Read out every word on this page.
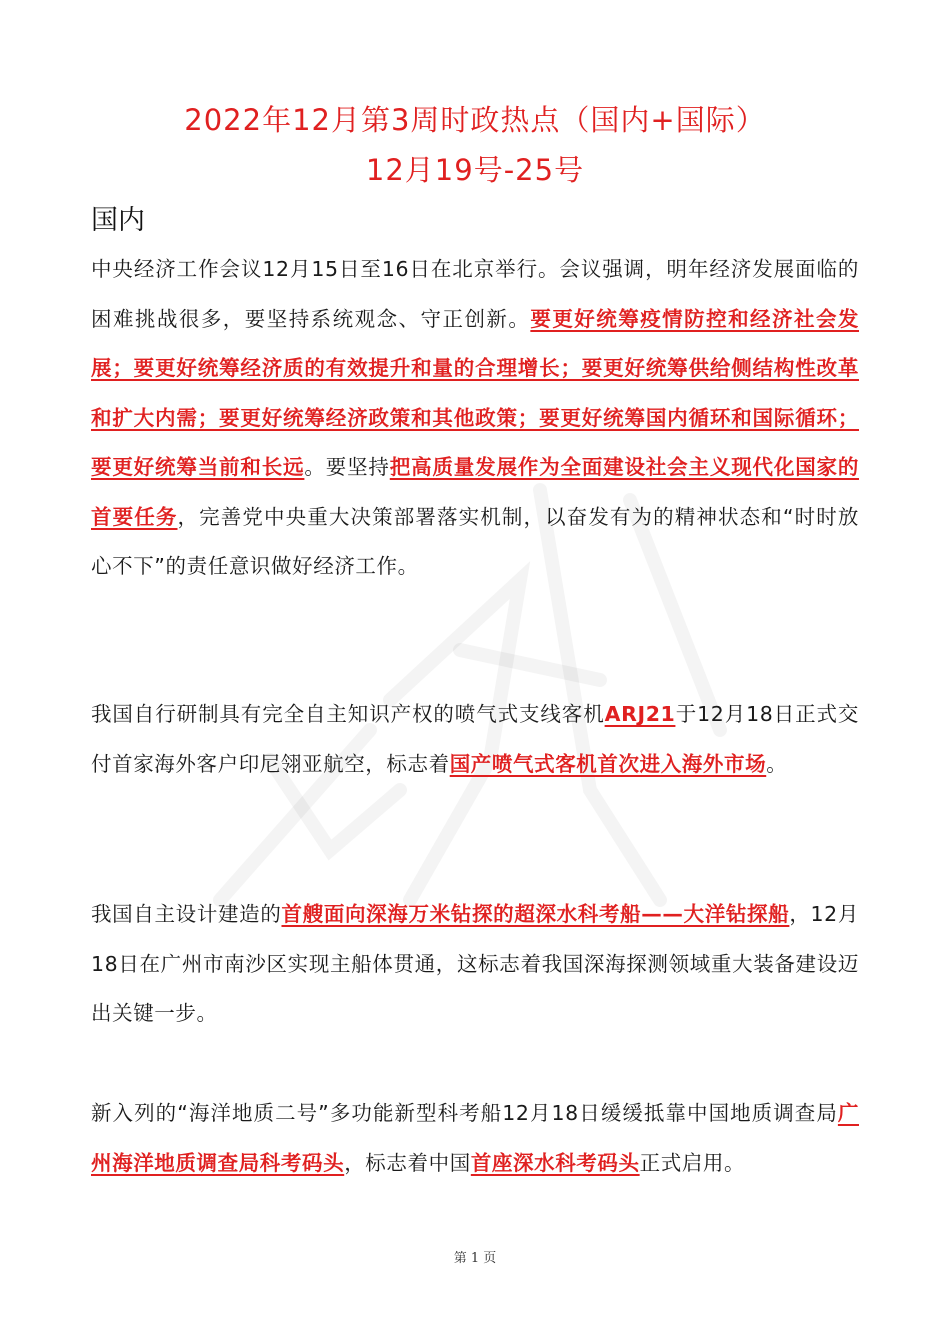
2022年12月第3周时政热点（国内+国际）
12月19号-25号
国内

中央经济工作会议12月15日至16日在北京举行。会议强调，明年经济发展面临的困难挑战很多，要坚持系统观念、守正创新。要更好统筹疫情防控和经济社会发展；要更好统筹经济质的有效提升和量的合理增长；要更好统筹供给侧结构性改革和扩大内需；要更好统筹经济政策和其他政策；要更好统筹国内循环和国际循环；要更好统筹当前和长远。要坚持把高质量发展作为全面建设社会主义现代化国家的首要任务，完善党中央重大决策部署落实机制，以奋发有为的精神状态和“时时放心不下”的责任意识做好经济工作。

我国自行研制具有完全自主知识产权的喷气式支线客机ARJ21于12月18日正式交付首家海外客户印尼翎亚航空，标志着国产喷气式客机首次进入海外市场。

我国自主设计建造的首艘面向深海万米钻探的超深水科考船——大洋钻探船，12月18日在广州市南沙区实现主船体贯通，这标志着我国深海探测领域重大装备建设迈出关键一步。

新入列的“海洋地质二号”多功能新型科考船12月18日缓缓抵靠中国地质调查局广州海洋地质调查局科考码头，标志着中国首座深水科考码头正式启用。

第 1 页
